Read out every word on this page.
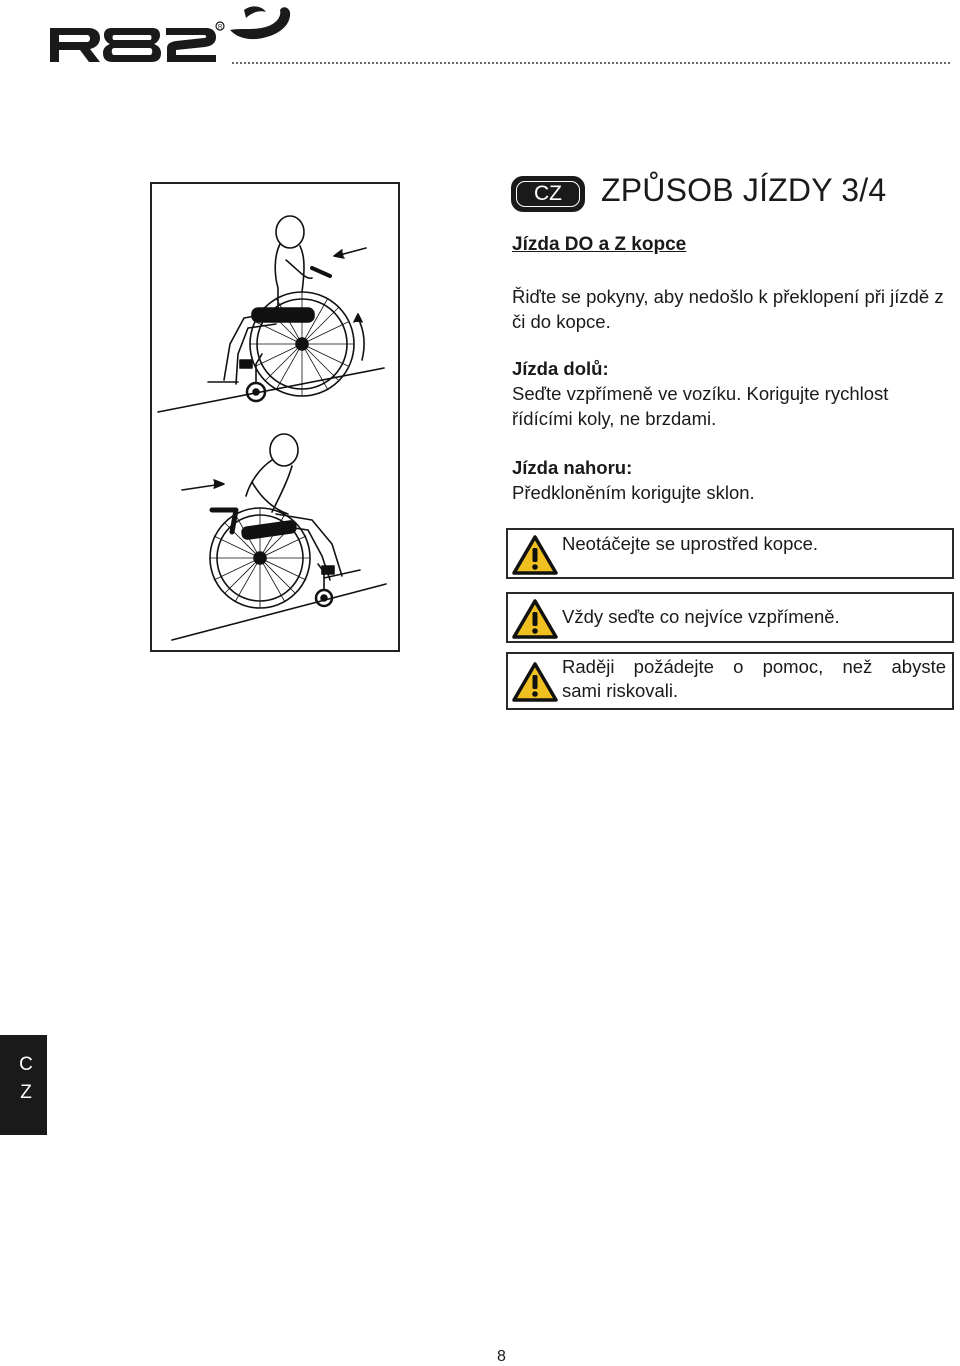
R
CZ ZPŮSOB JÍZDY 3/4
Jízda DO a Z kopce
Řiďte se pokyny, aby nedošlo k překlopení při jízdě z či do kopce.
Jízda dolů:
Seďte vzpřímeně ve vozíku. Korigujte rychlost řídícími koly, ne brzdami.
Jízda nahoru:
Předkloněním korigujte sklon.
Neotáčejte se uprostřed kopce.
Vždy seďte co nejvíce vzpřímeně.
Raději požádejte o pomoc, než abyste
sami riskovali.
C
Z
8
